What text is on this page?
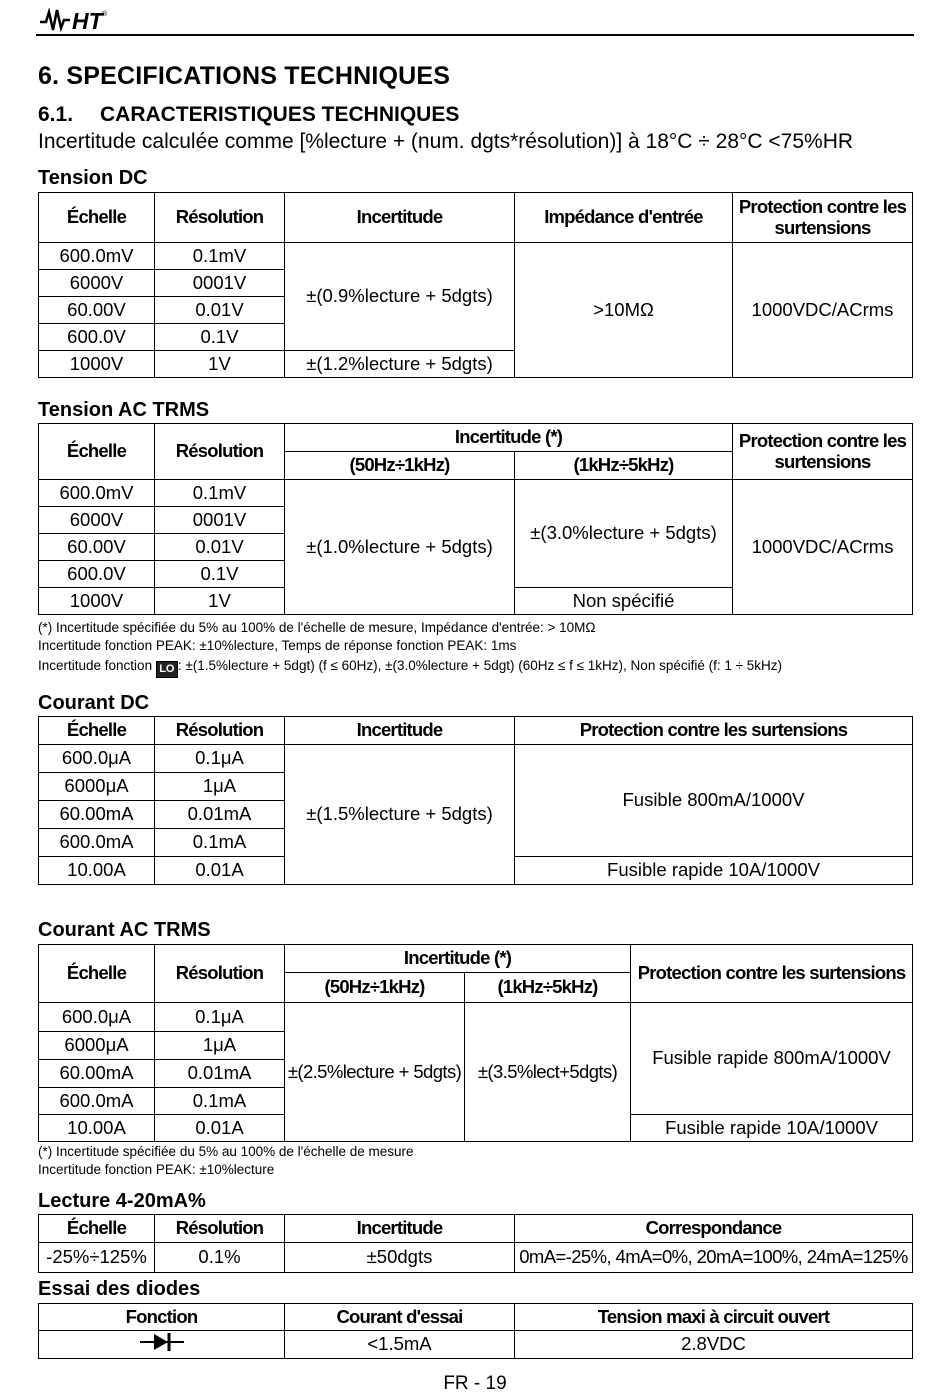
HT ®
6. SPECIFICATIONS TECHNIQUES
6.1. CARACTERISTIQUES TECHNIQUES
Incertitude calculée comme [%lecture + (num. dgts*résolution)] à 18°C ÷ 28°C <75%HR
Tension DC
Échelle	Résolution	Incertitude	Impédance d'entrée	Protection contre les surtensions
600.0mV	0.1mV	±(0.9%lecture + 5dgts)	>10MΩ	1000VDC/ACrms
6000V	0001V			
60.00V	0.01V			
600.0V	0.1V			
1000V	1V	±(1.2%lecture + 5dgts)		
Tension AC TRMS
Échelle	Résolution	Incertitude (*)		Protection contre les surtensions
		(50Hz÷1kHz)	(1kHz÷5kHz)	
600.0mV	0.1mV	±(1.0%lecture + 5dgts)	±(3.0%lecture + 5dgts)	1000VDC/ACrms
6000V	0001V			
60.00V	0.01V			
600.0V	0.1V			
1000V	1V		Non spécifié	
(*) Incertitude spécifiée du 5% au 100% de l'échelle de mesure, Impédance d'entrée: > 10MΩ
Incertitude fonction PEAK: ±10%lecture, Temps de réponse fonction PEAK: 1ms
Incertitude fonction LO : ±(1.5%lecture + 5dgt) (f ≤ 60Hz), ±(3.0%lecture + 5dgt) (60Hz ≤ f ≤ 1kHz), Non spécifié (f: 1 ÷ 5kHz)
Courant DC
Échelle	Résolution	Incertitude	Protection contre les surtensions
600.0μA	0.1μA	±(1.5%lecture + 5dgts)	Fusible 800mA/1000V
6000μA	1μA		
60.00mA	0.01mA		
600.0mA	0.1mA		
10.00A	0.01A		Fusible rapide 10A/1000V
Courant AC TRMS
Échelle	Résolution	Incertitude (*)		Protection contre les surtensions
		(50Hz÷1kHz)	(1kHz÷5kHz)	
600.0μA	0.1μA	±(2.5%lecture + 5dgts)	±(3.5%lect+5dgts)	Fusible rapide 800mA/1000V
6000μA	1μA			
60.00mA	0.01mA			
600.0mA	0.1mA			
10.00A	0.01A			Fusible rapide 10A/1000V
(*) Incertitude spécifiée du 5% au 100% de l'échelle de mesure
Incertitude fonction PEAK: ±10%lecture
Lecture 4-20mA%
Échelle	Résolution	Incertitude	Correspondance
-25%÷125%	0.1%	±50dgts	0mA=-25%, 4mA=0%, 20mA=100%, 24mA=125%
Essai des diodes
Fonction	Courant d'essai	Tension maxi à circuit ouvert
	<1.5mA	2.8VDC
FR - 19
